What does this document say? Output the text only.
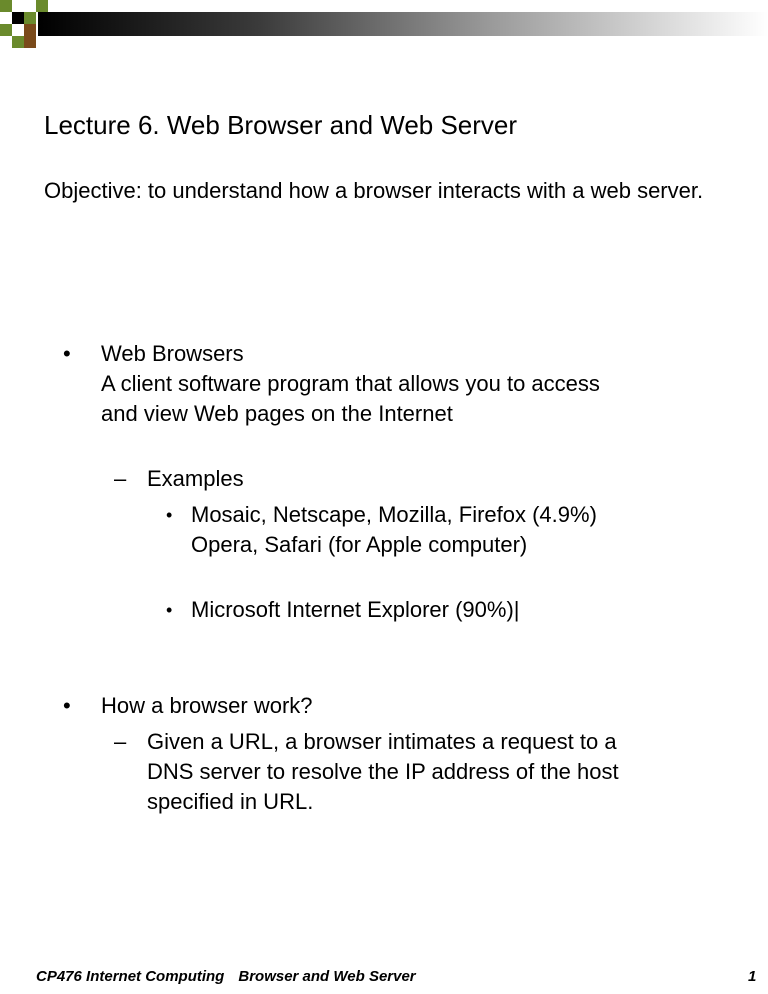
Lecture 6. Web Browser and Web Server
Objective: to understand how a browser interacts with a web server.
• Web Browsers
A client software program that allows you to access
and view Web pages on the Internet
– Examples
• Mosaic, Netscape, Mozilla, Firefox (4.9%)
Opera, Safari (for Apple computer)
• Microsoft Internet Explorer (90%)|
• How a browser work?
– Given a URL, a browser intimates a request to a
DNS server to resolve the IP address of the host
specified in URL.
CP476 Internet Computing Browser and Web Server	1
